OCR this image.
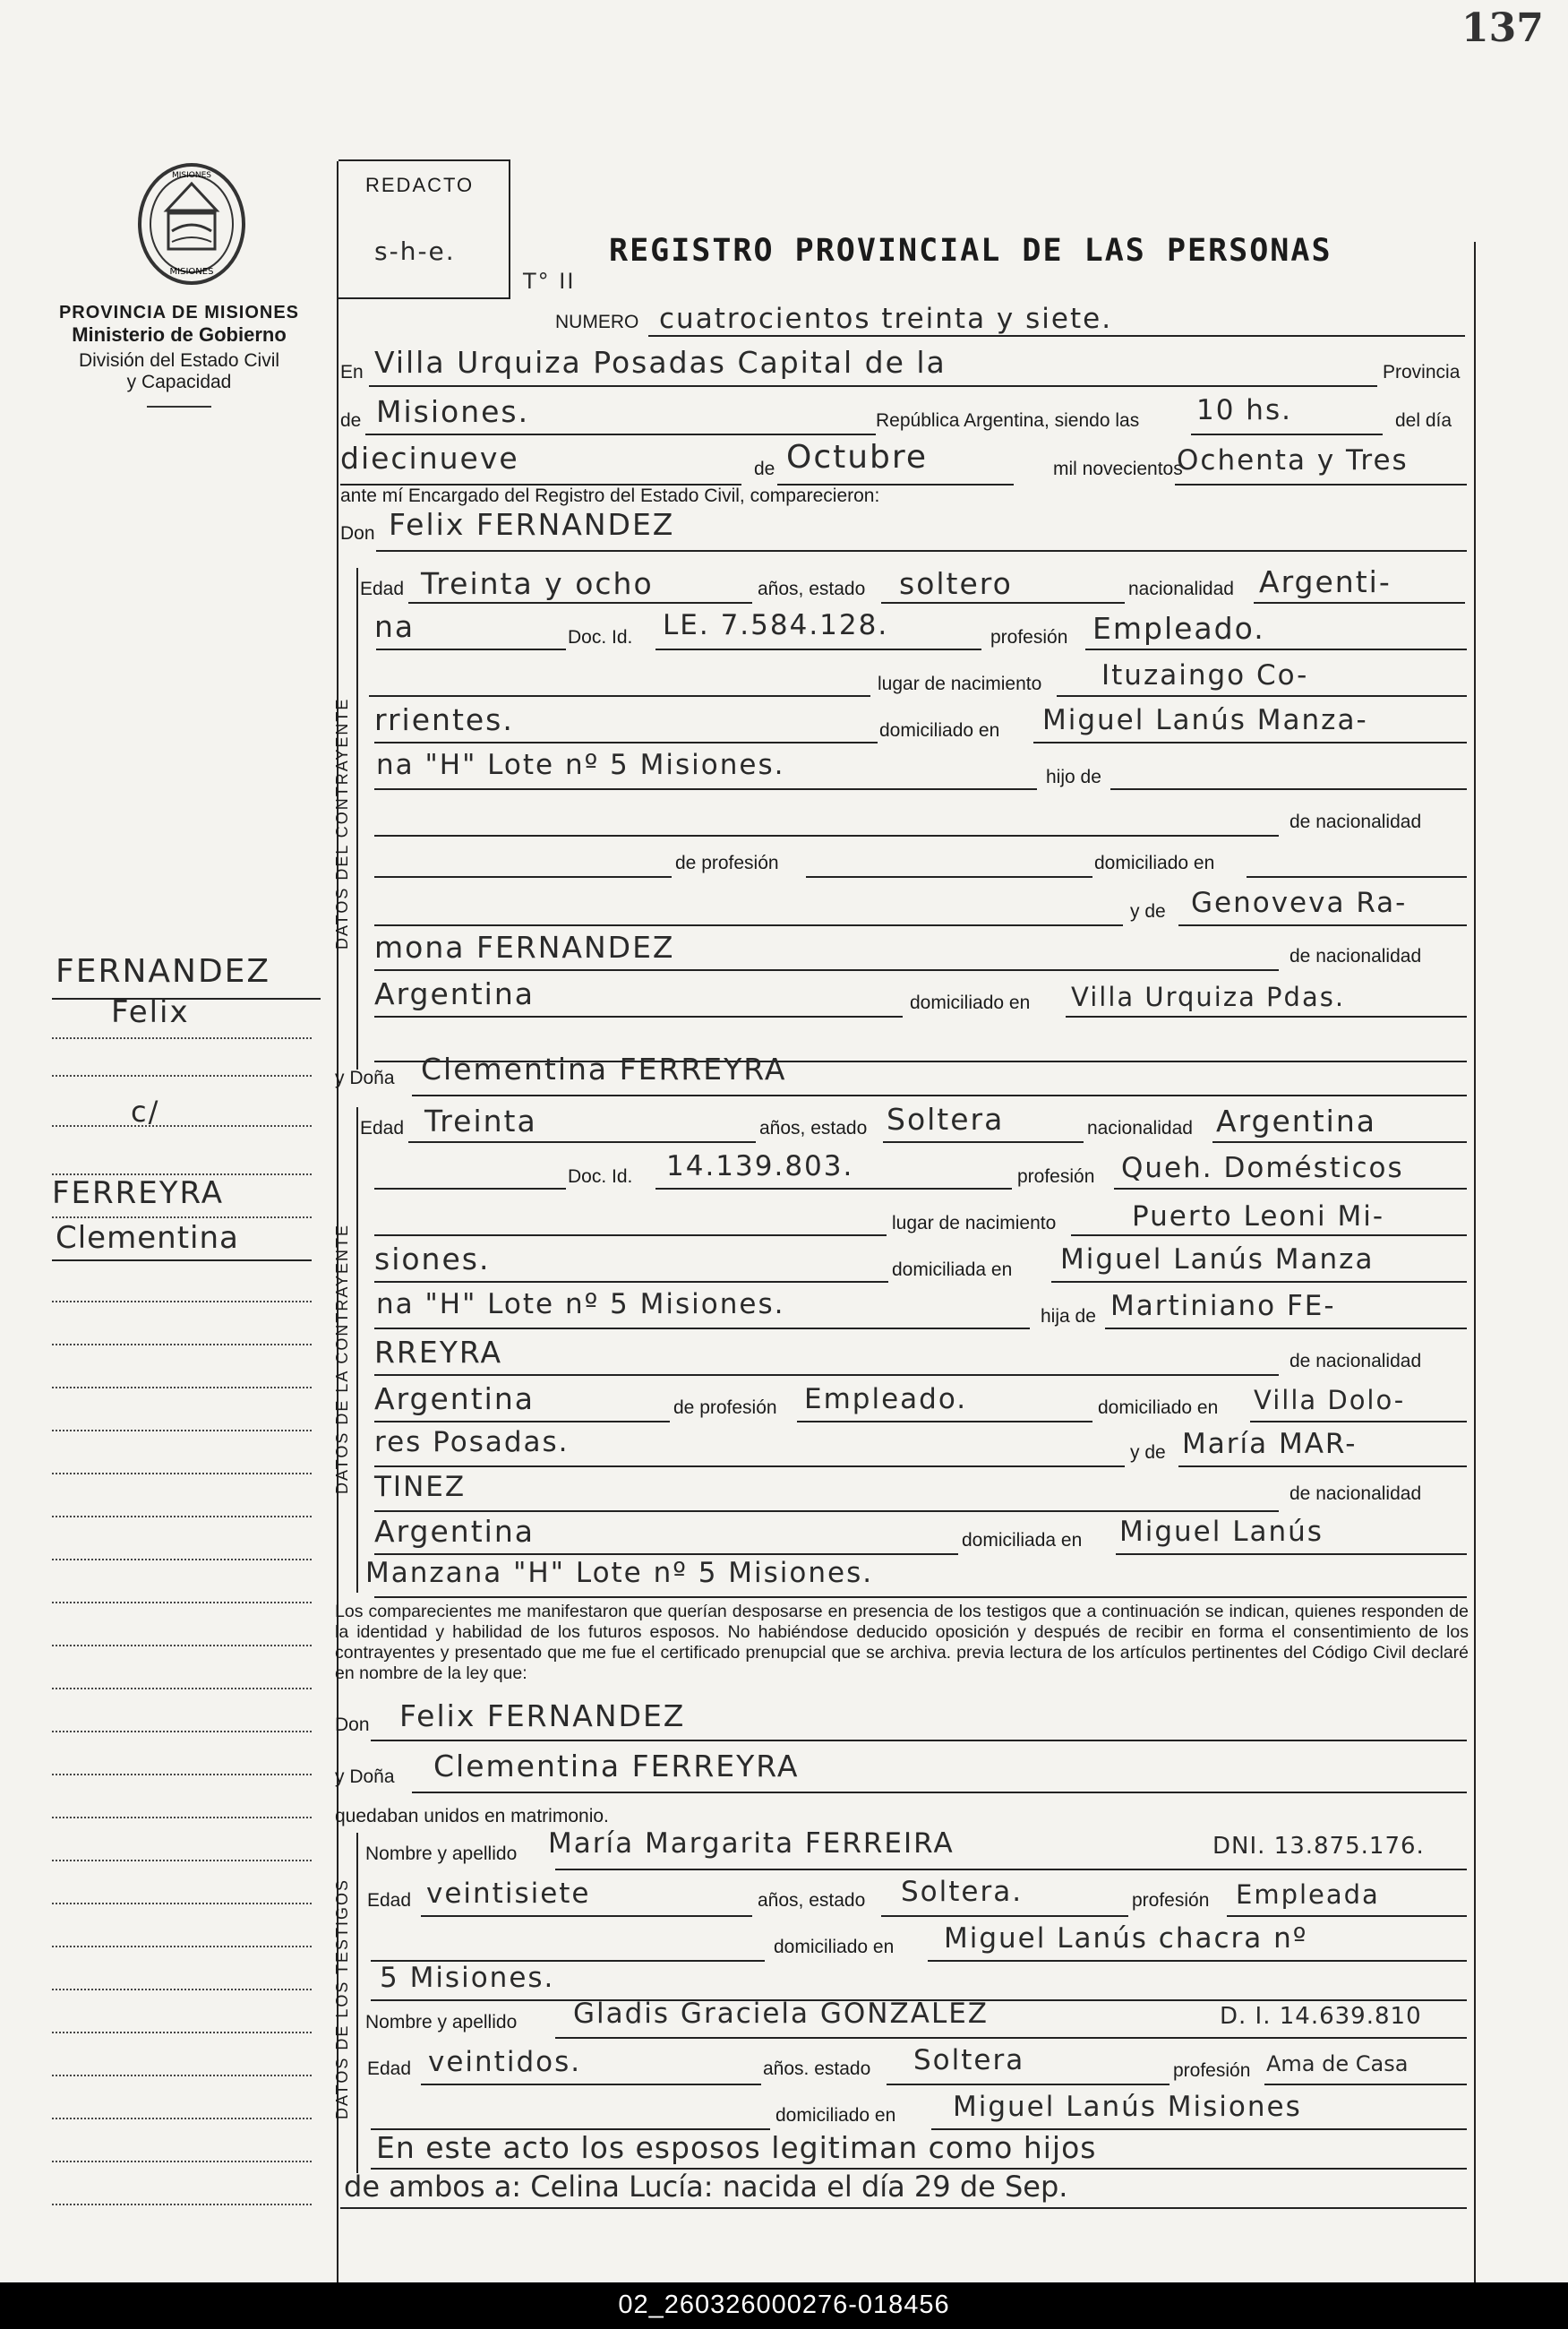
137
MISIONES
MISIONES
PROVINCIA DE MISIONES
Ministerio de Gobierno
División del Estado Civil
y Capacidad
REDACTO
s-h-e.
T° II
REGISTRO PROVINCIAL DE LAS PERSONAS
NUMERO cuatrocientos treinta y siete.
En Villa Urquiza Posadas Capital de la	Provincia
de Misiones.	República Argentina, siendo las 10 hs.	del día
diecinueve	de Octubre	mil novecientos
Ochenta y Tres
ante mí Encargado del Registro del Estado Civil, comparecieron:
Don Felix FERNANDEZ
DATOS DEL CONTRAYENTE
Edad Treinta y ocho	años, estado soltero	nacionalidad Argenti-
na	Doc. Id. LE. 7.584.128.	profesión Empleado.
lugar de nacimiento Ituzaingo Co-
rrientes.	domiciliado en Miguel Lanús Manza-
na "H" Lote nº 5 Misiones.	hijo de
de nacionalidad
de profesión	domiciliado en
y de Genoveva Ra-
mona FERNANDEZ	de nacionalidad
Argentina	domiciliado en Villa Urquiza Pdas.
y Doña Clementina FERREYRA
DATOS DE LA CONTRAYENTE
Edad Treinta	años, estado Soltera	nacionalidad Argentina
Doc. Id. 14.139.803.	profesión Queh. Domésticos
lugar de nacimiento	Puerto Leoni Mi-
siones.	domiciliada en Miguel Lanús Manza
na "H" Lote nº 5 Misiones.	hija de Martiniano FE-
RREYRA	de nacionalidad
Argentina	de profesión Empleado.	domiciliado en Villa Dolo-
res Posadas.	y de María MAR-
TINEZ	de nacionalidad
Argentina	domiciliada en Miguel Lanús
Manzana "H" Lote nº 5 Misiones.
Los comparecientes me manifestaron que querían desposarse en presencia de los testigos que a continuación se indican, quienes responden de la identidad y habilidad de los futuros esposos. No habiéndose deducido oposición y después de recibir en forma el consentimiento de los contrayentes y presentado que me fue el certificado prenupcial que se archiva. previa lectura de los artículos pertinentes del Código Civil declaré en nombre de la ley que:
Don Felix FERNANDEZ
y Doña Clementina FERREYRA
quedaban unidos en matrimonio.
DATOS DE LOS TESTIGOS
Nombre y apellido María Margarita FERREIRA	DNI. 13.875.176.
Edad veintisiete	años, estado Soltera.	profesión Empleada
domiciliado en Miguel Lanús chacra nº
5 Misiones.
Nombre y apellido Gladis Graciela GONZALEZ	D. I. 14.639.810
Edad veintidos.	años. estado Soltera	profesión Ama de Casa
domiciliado en Miguel Lanús Misiones
En este acto los esposos legitiman como hijos
de ambos a: Celina Lucía: nacida el día 29 de Sep.
FERNANDEZ
Felix
c/
FERREYRA
Clementina
02_260326000276-018456
